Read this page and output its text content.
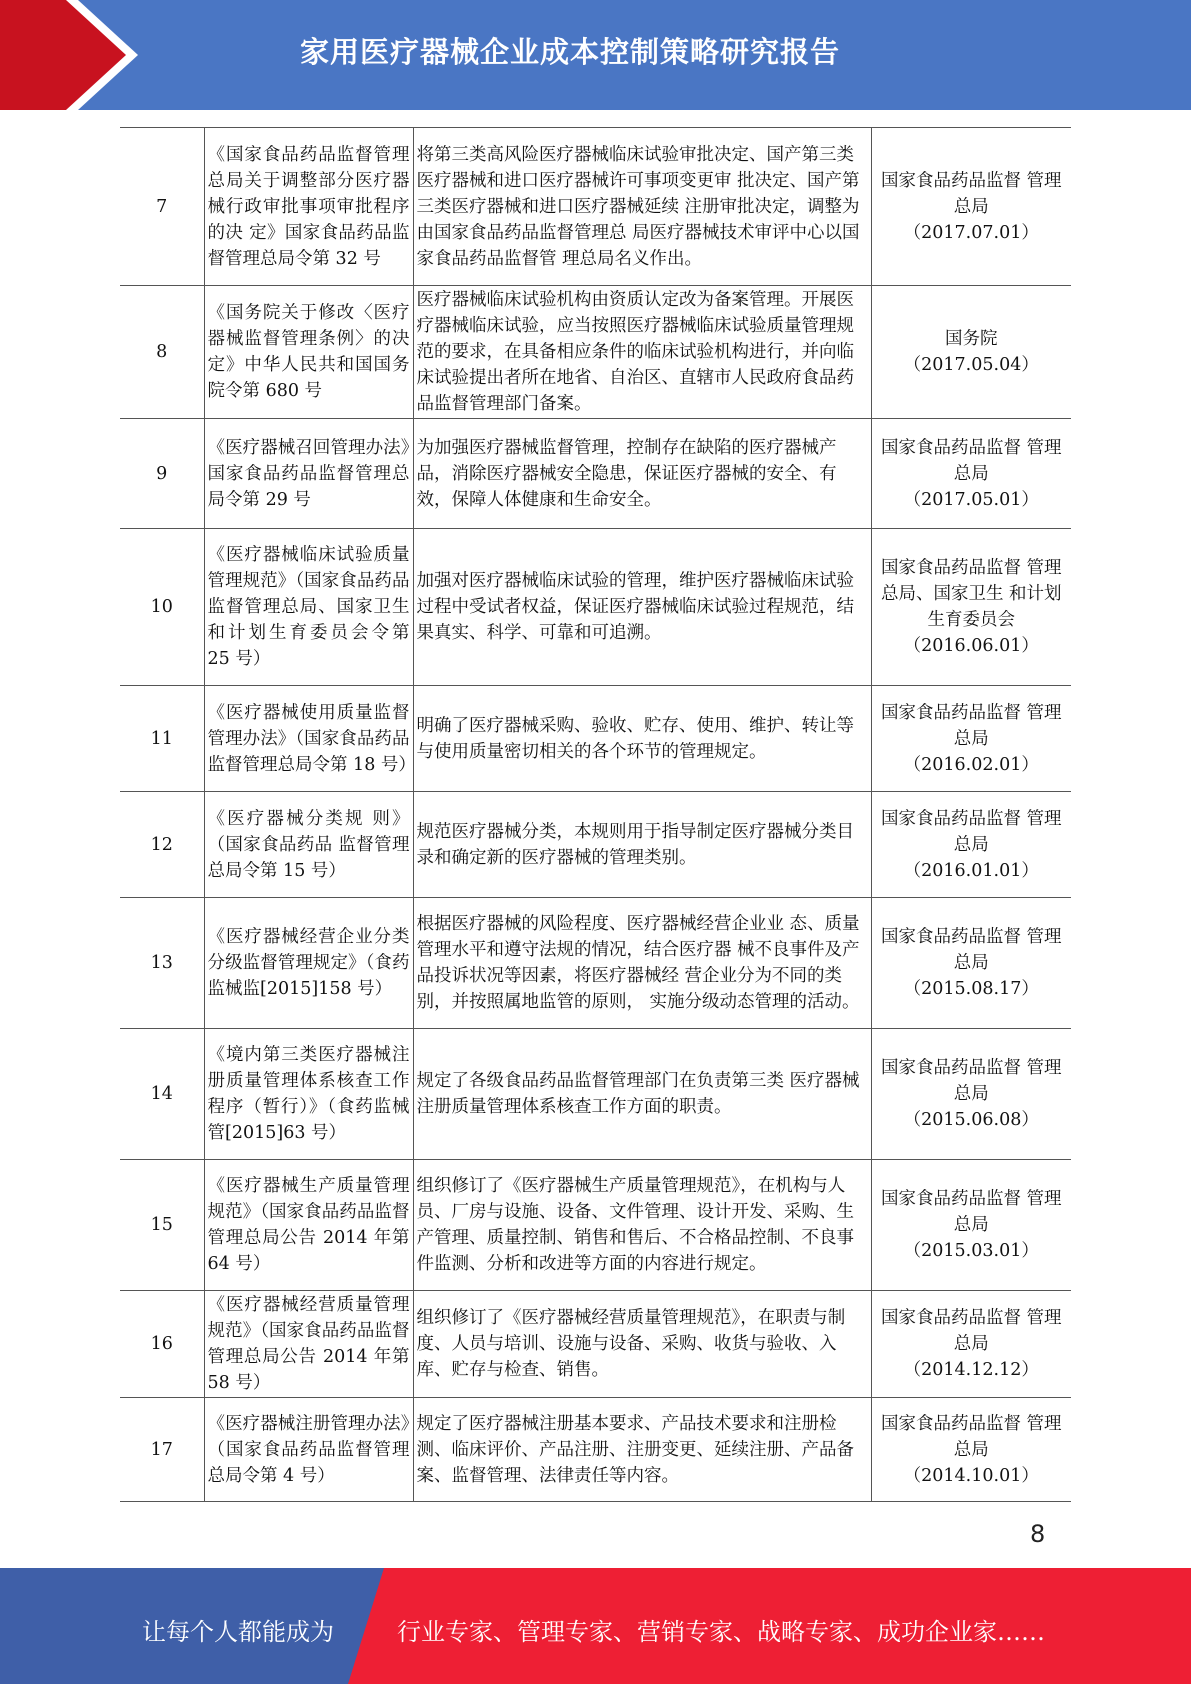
家用医疗器械企业成本控制策略研究报告
7	《国家食品药品监督管理总局关于调整部分医疗器械行政审批事项审批程序的决 定》国家食品药品监 督管理总局令第 32 号	将第三类高风险医疗器械临床试验审批决定、国产第三类医疗器械和进口医疗器械许可事项变更审 批决定、国产第三类医疗器械和进口医疗器械延续 注册审批决定，调整为由国家食品药品监督管理总 局医疗器械技术审评中心以国家食品药品监督管 理总局名义作出。	国家食品药品监督 管理总局
（2017.07.01）

8	《国务院关于修改〈医疗器械监督管理条例〉的决定》中华人民共和国国务院令第 680 号	医疗器械临床试验机构由资质认定改为备案管理。开展医疗器械临床试验，应当按照医疗器械临床试验质量管理规范的要求，在具备相应条件的临床试验机构进行，并向临床试验提出者所在地省、自治区、直辖市人民政府食品药品监督管理部门备案。	国务院
（2017.05.04）

9	《医疗器械召回管理办法》国家食品药品监督管理总局令第 29 号	为加强医疗器械监督管理，控制存在缺陷的医疗器械产品，消除医疗器械安全隐患，保证医疗器械的安全、有效，保障人体健康和生命安全。	国家食品药品监督 管理总局
（2017.05.01）

10	《医疗器械临床试验质量管理规范》（国家食品药品监督管理总局、国家卫生和计划生育委员会令第 25 号）	加强对医疗器械临床试验的管理，维护医疗器械临床试验过程中受试者权益，保证医疗器械临床试验过程规范，结果真实、科学、可靠和可追溯。	国家食品药品监督 管理总局、国家卫生 和计划生育委员会
（2016.06.01）

11	《医疗器械使用质量监督管理办法》（国家食品药品监督管理总局令第 18 号）	明确了医疗器械采购、验收、贮存、使用、维护、转让等与使用质量密切相关的各个环节的管理规定。	国家食品药品监督 管理总局
（2016.02.01）

12	《医疗器械分类规 则》（国家食品药品 监督管理总局令第 15 号）	规范医疗器械分类，本规则用于指导制定医疗器械分类目录和确定新的医疗器械的管理类别。	国家食品药品监督 管理总局
（2016.01.01）

13	《医疗器械经营企业分类分级监督管理规定》（食药监械监[2015]158 号）	根据医疗器械的风险程度、医疗器械经营企业业 态、质量管理水平和遵守法规的情况，结合医疗器 械不良事件及产品投诉状况等因素，将医疗器械经 营企业分为不同的类别，并按照属地监管的原则， 实施分级动态管理的活动。	国家食品药品监督 管理总局
（2015.08.17）

14	《境内第三类医疗器械注册质量管理体系核查工作程序（暂行）》（食药监械管[2015]63 号）	规定了各级食品药品监督管理部门在负责第三类 医疗器械注册质量管理体系核查工作方面的职责。	国家食品药品监督 管理总局
（2015.06.08）

15	《医疗器械生产质量管理规范》（国家食品药品监督管理总局公告 2014 年第 64 号）	组织修订了《医疗器械生产质量管理规范》，在机构与人员、厂房与设施、设备、文件管理、设计开发、采购、生产管理、质量控制、销售和售后、不合格品控制、不良事件监测、分析和改进等方面的内容进行规定。	国家食品药品监督 管理总局
（2015.03.01）

16	《医疗器械经营质量管理规范》（国家食品药品监督管理总局公告 2014 年第 58 号）	组织修订了《医疗器械经营质量管理规范》，在职责与制度、人员与培训、设施与设备、采购、收货与验收、入库、贮存与检查、销售。	国家食品药品监督 管理总局
（2014.12.12）

17	《医疗器械注册管理办法》（国家食品药品监督管理总局令第 4 号）	规定了医疗器械注册基本要求、产品技术要求和注册检测、临床评价、产品注册、注册变更、延续注册、产品备案、监督管理、法律责任等内容。	国家食品药品监督 管理总局
（2014.10.01）
8
让每个人都能成为	行业专家、管理专家、营销专家、战略专家、成功企业家……
